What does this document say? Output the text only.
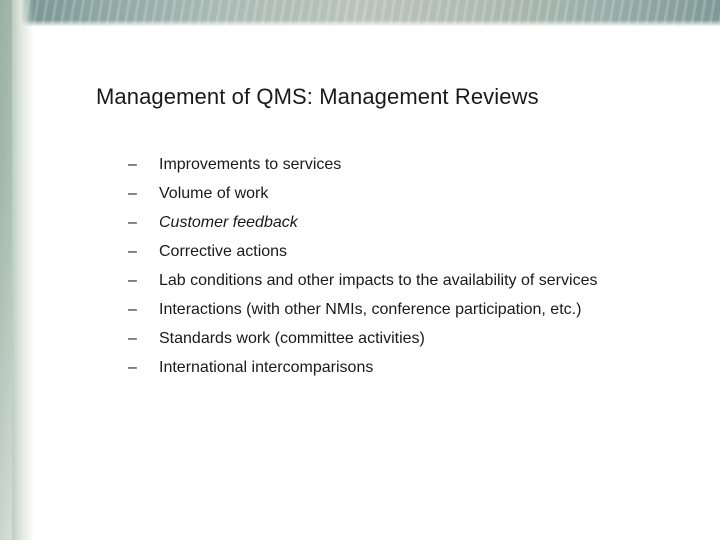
Management of QMS: Management Reviews
–	Improvements to services
–	Volume of work
–	Customer feedback
–	Corrective actions
–	Lab conditions and other impacts to the availability of services
–	Interactions (with other NMIs, conference participation, etc.)
–	Standards work (committee activities)
–	International intercomparisons
